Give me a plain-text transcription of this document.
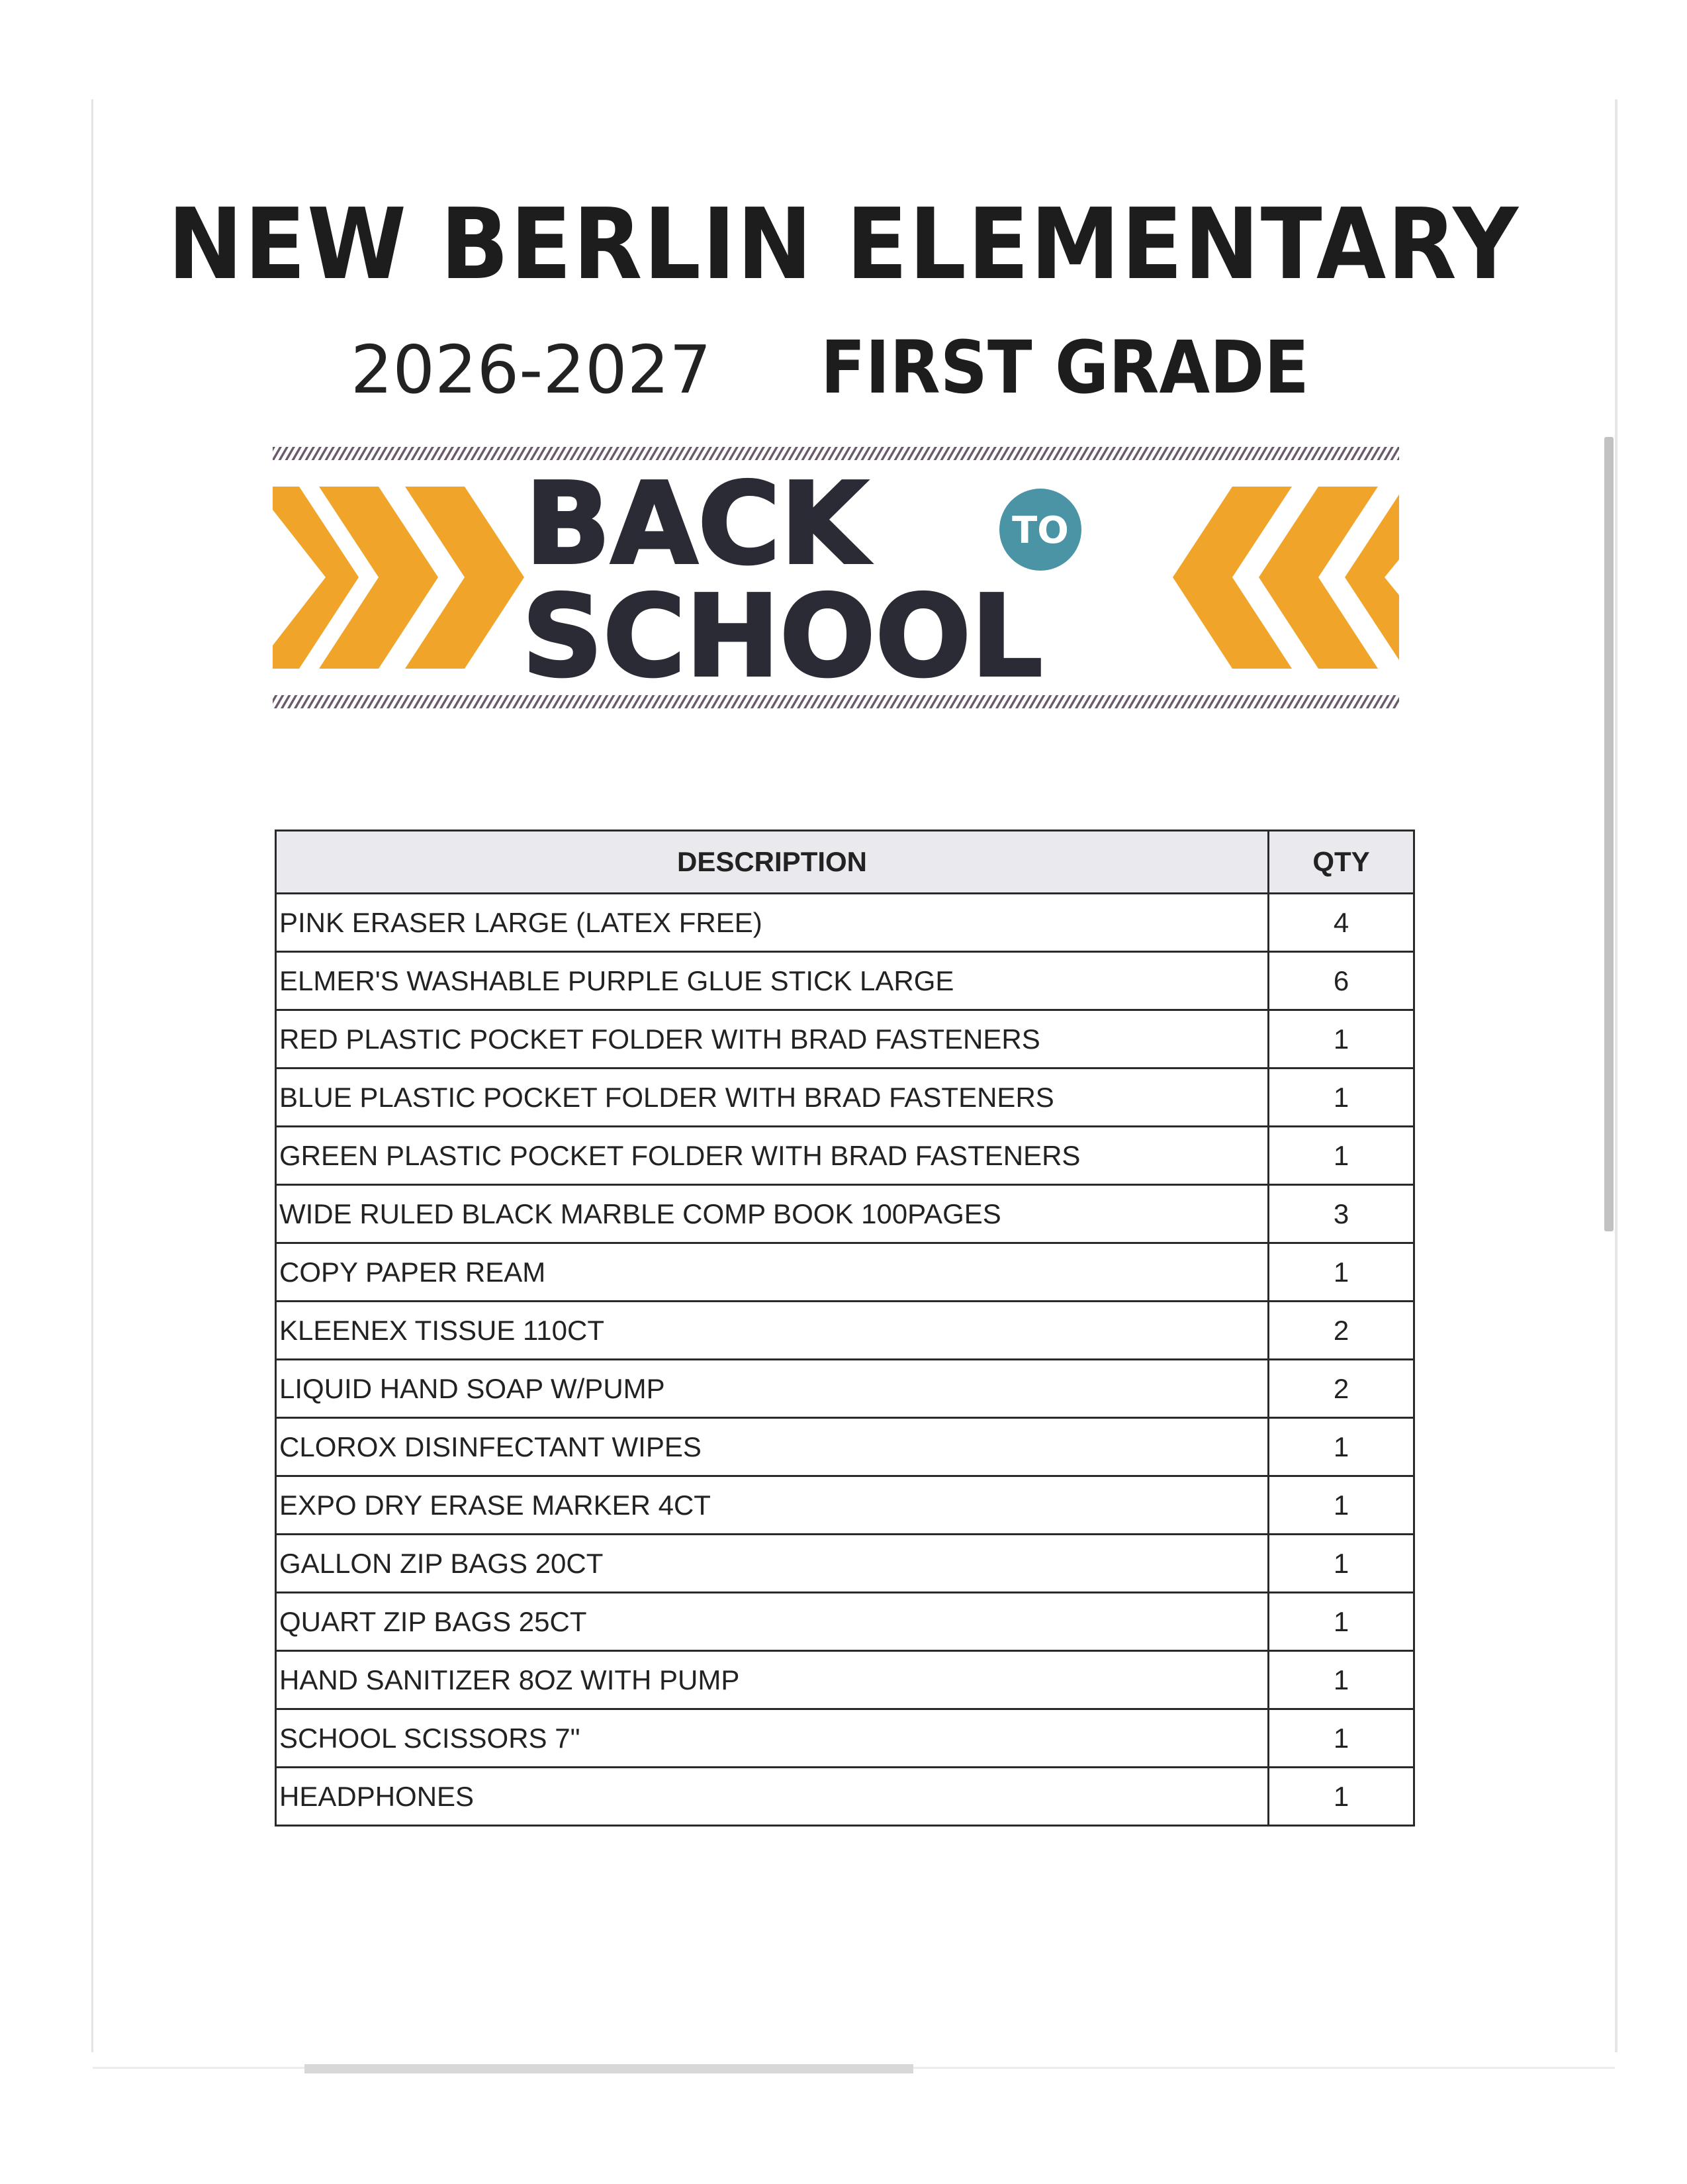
NEW BERLIN ELEMENTARY
2026-2027 FIRST GRADE
BACK	TO
SCHOOL
DESCRIPTION	QTY
PINK ERASER LARGE (LATEX FREE)	4
ELMER'S WASHABLE PURPLE GLUE STICK LARGE	6
RED PLASTIC POCKET FOLDER WITH BRAD FASTENERS	1
BLUE PLASTIC POCKET FOLDER WITH BRAD FASTENERS	1
GREEN PLASTIC POCKET FOLDER WITH BRAD FASTENERS	1
WIDE RULED BLACK MARBLE COMP BOOK 100PAGES	3
COPY PAPER REAM	1
KLEENEX TISSUE 110CT	2
LIQUID HAND SOAP W/PUMP	2
CLOROX DISINFECTANT WIPES	1
EXPO DRY ERASE MARKER 4CT	1
GALLON ZIP BAGS 20CT	1
QUART ZIP BAGS 25CT	1
HAND SANITIZER 8OZ WITH PUMP	1
SCHOOL SCISSORS 7"	1
HEADPHONES	1
